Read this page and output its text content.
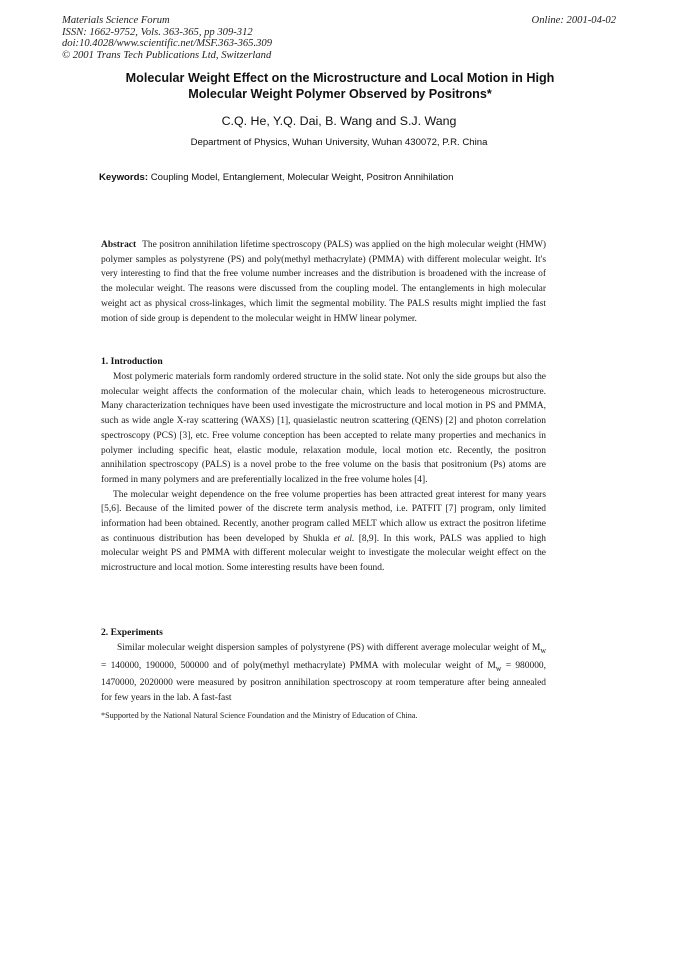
Materials Science Forum
ISSN: 1662-9752, Vols. 363-365, pp 309-312
doi:10.4028/www.scientific.net/MSF.363-365.309
© 2001 Trans Tech Publications Ltd, Switzerland
Online: 2001-04-02
Molecular Weight Effect on the Microstructure and Local Motion in High
Molecular Weight Polymer Observed by Positrons*
C.Q. He, Y.Q. Dai, B. Wang and S.J. Wang
Department of Physics, Wuhan University, Wuhan 430072, P.R. China
Keywords: Coupling Model, Entanglement, Molecular Weight, Positron Annihilation
Abstract The positron annihilation lifetime spectroscopy (PALS) was applied on the high molecular weight (HMW) polymer samples as polystyrene (PS) and poly(methyl methacrylate) (PMMA) with different molecular weight. It's very interesting to find that the free volume number increases and the distribution is broadened with the increase of the molecular weight. The reasons were discussed from the coupling model. The entanglements in high molecular weight act as physical cross-linkages, which limit the segmental mobility. The PALS results might implied the fast motion of side group is dependent to the molecular weight in HMW linear polymer.
1. Introduction

Most polymeric materials form randomly ordered structure in the solid state. Not only the side groups but also the molecular weight affects the conformation of the molecular chain, which leads to heterogeneous microstructure. Many characterization techniques have been used investigate the microstructure and local motion in PS and PMMA, such as wide angle X-ray scattering (WAXS) [1], quasielastic neutron scattering (QENS) [2] and photon correlation spectroscopy (PCS) [3], etc. Free volume conception has been accepted to relate many properties and mechanics in polymer including specific heat, elastic module, relaxation module, local motion etc. Recently, the positron annihilation spectroscopy (PALS) is a novel probe to the free volume on the basis that positronium (Ps) atoms are formed in many polymers and are preferentially localized in the free volume holes [4].

The molecular weight dependence on the free volume properties has been attracted great interest for many years [5,6]. Because of the limited power of the discrete term analysis method, i.e. PATFIT [7] program, only limited information had been obtained. Recently, another program called MELT which allow us extract the positron lifetime as continuous distribution has been developed by Shukla et al. [8,9]. In this work, PALS was applied to high molecular weight PS and PMMA with different molecular weight to investigate the molecular weight effect on the microstructure and local motion. Some interesting results have been found.

2. Experiments

Similar molecular weight dispersion samples of polystyrene (PS) with different average molecular weight of $M_w = 140000$, 190000, 500000 and of poly(methyl methacrylate) PMMA with molecular weight of $M_w = 980000$, 1470000, 2020000 were measured by positron annihilation spectroscopy at room temperature after being annealed for few years in the lab. A fast-fast

*Supported by the National Natural Science Foundation and the Ministry of Education of China.
